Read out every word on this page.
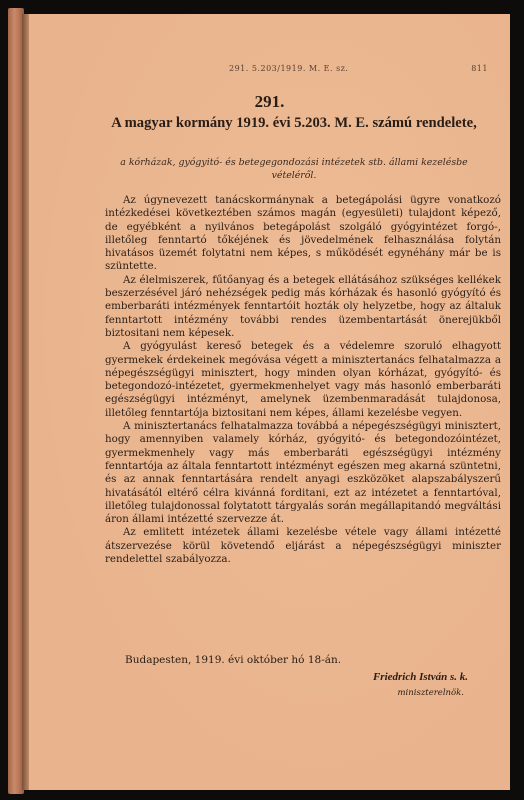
291. 5.203/1919. M. E. sz.	811
291.
A magyar kormány 1919. évi 5.203. M. E. számú rendelete,
a kórházak, gyógyitó- és betegegondozási intézetek stb. állami kezelésbe vételéről.

Az úgynevezett tanácskormánynak a betegápolási ügyre vonatkozó intézkedései következtében számos magán (egyesületi) tulajdont képező, de egyébként a nyilvános betegápolást szolgáló gyógyintézet forgó-, illetőleg fenntartó tőkéjének és jövedelmének felhasználása folytán hivatásos üzemét folytatni nem képes, s működését egynéhány már be is szüntette.

Az élelmiszerek, fűtőanyag és a betegek ellátásához szükséges kellékek beszerzésével járó nehézségek pedig más kórházak és hasonló gyógyító és emberbaráti intézmények fenntartóit hozták oly helyzetbe, hogy az általuk fenntartott intézmény további rendes üzembentartását önerejükből biztositani nem képesek.

A gyógyulást kereső betegek és a védelemre szoruló elhagyott gyermekek érdekeinek megóvása végett a minisztertanács felhatalmazza a népegészségügyi minisztert, hogy minden olyan kórházat, gyógyító- és betegondozó-intézetet, gyermekmenhelyet vagy más hasonló emberbaráti egészségügyi intézményt, amelynek üzembenmaradását tulajdonosa, illetőleg fenntartója biztositani nem képes, állami kezelésbe vegyen.

A minisztertanács felhatalmazza továbbá a népegészségügyi minisztert, hogy amennyiben valamely kórház, gyógyitó- és betegondozóintézet, gyermekmenhely vagy más emberbaráti egészségügyi intézmény fenntartója az általa fenntartott intézményt egészen meg akarná szüntetni, és az annak fenntartására rendelt anyagi eszközöket alapszabályszerű hivatásától eltérő célra kivánná forditani, ezt az intézetet a fenntartóval, illetőleg tulajdonossal folytatott tárgyalás során megállapitandó megváltási áron állami intézetté szervezze át.

Az emlitett intézetek állami kezelésbe vétele vagy állami intézetté átszervezése körül követendő eljárást a népegészségügyi miniszter rendelettel szabályozza.

Budapesten, 1919. évi október hó 18-án.
Friedrich István s. k.
miniszterelnök.
